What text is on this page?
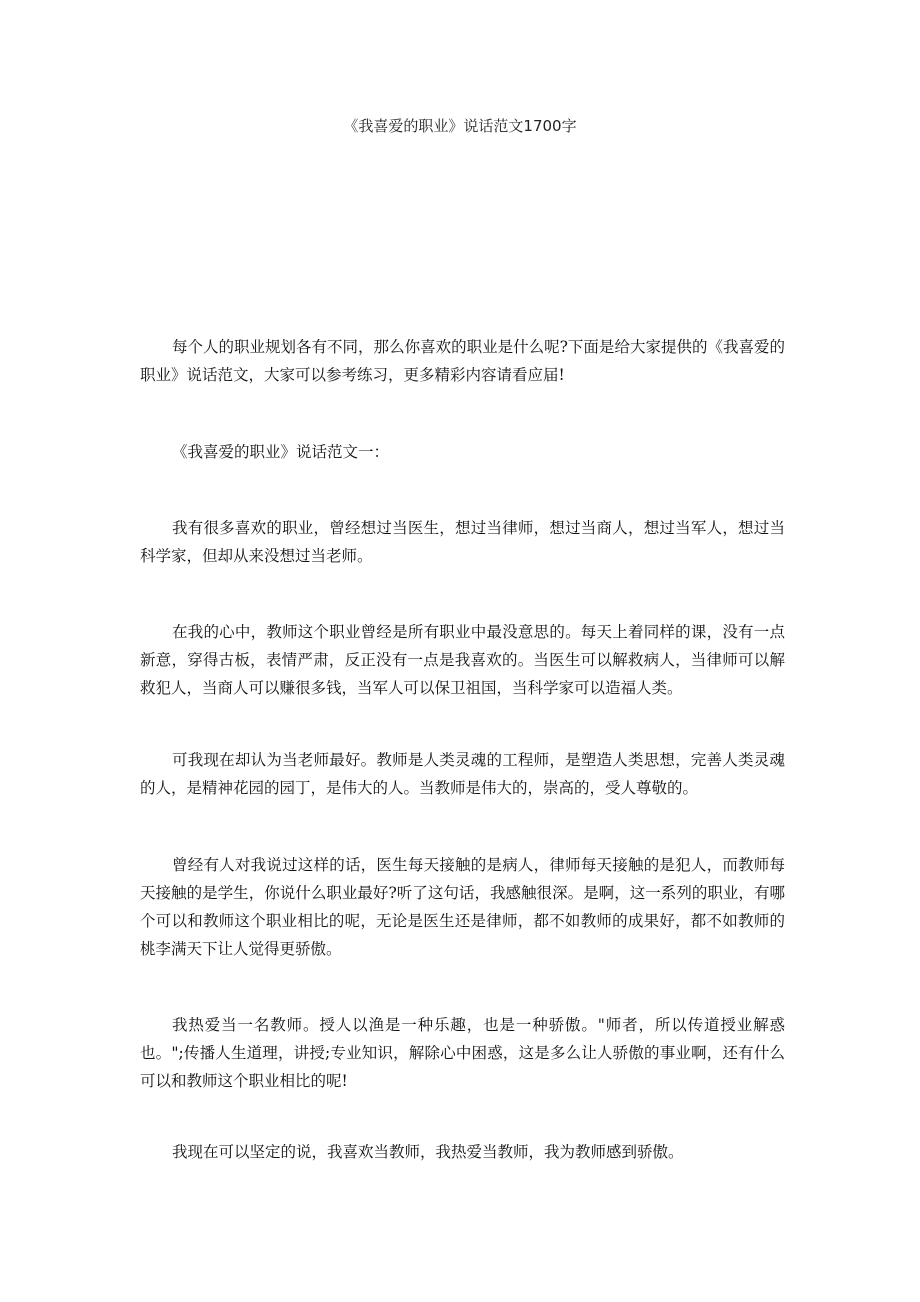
《我喜爱的职业》说话范文1700字

每个人的职业规划各有不同，那么你喜欢的职业是什么呢?下面是给大家提供的《我喜爱的职业》说话范文，大家可以参考练习，更多精彩内容请看应届!

《我喜爱的职业》说话范文一：

我有很多喜欢的职业，曾经想过当医生，想过当律师，想过当商人，想过当军人，想过当科学家，但却从来没想过当老师。

在我的心中，教师这个职业曾经是所有职业中最没意思的。每天上着同样的课，没有一点新意，穿得古板，表情严肃，反正没有一点是我喜欢的。当医生可以解救病人，当律师可以解救犯人，当商人可以赚很多钱，当军人可以保卫祖国，当科学家可以造福人类。

可我现在却认为当老师最好。教师是人类灵魂的工程师，是塑造人类思想，完善人类灵魂的人，是精神花园的园丁，是伟大的人。当教师是伟大的，崇高的，受人尊敬的。

曾经有人对我说过这样的话，医生每天接触的是病人，律师每天接触的是犯人，而教师每天接触的是学生，你说什么职业最好?听了这句话，我感触很深。是啊，这一系列的职业，有哪个可以和教师这个职业相比的呢，无论是医生还是律师，都不如教师的成果好，都不如教师的桃李满天下让人觉得更骄傲。

我热爱当一名教师。授人以渔是一种乐趣，也是一种骄傲。"师者，所以传道授业解惑也。";传播人生道理，讲授;专业知识，解除心中困惑，这是多么让人骄傲的事业啊，还有什么可以和教师这个职业相比的呢!

我现在可以坚定的说，我喜欢当教师，我热爱当教师，我为教师感到骄傲。
